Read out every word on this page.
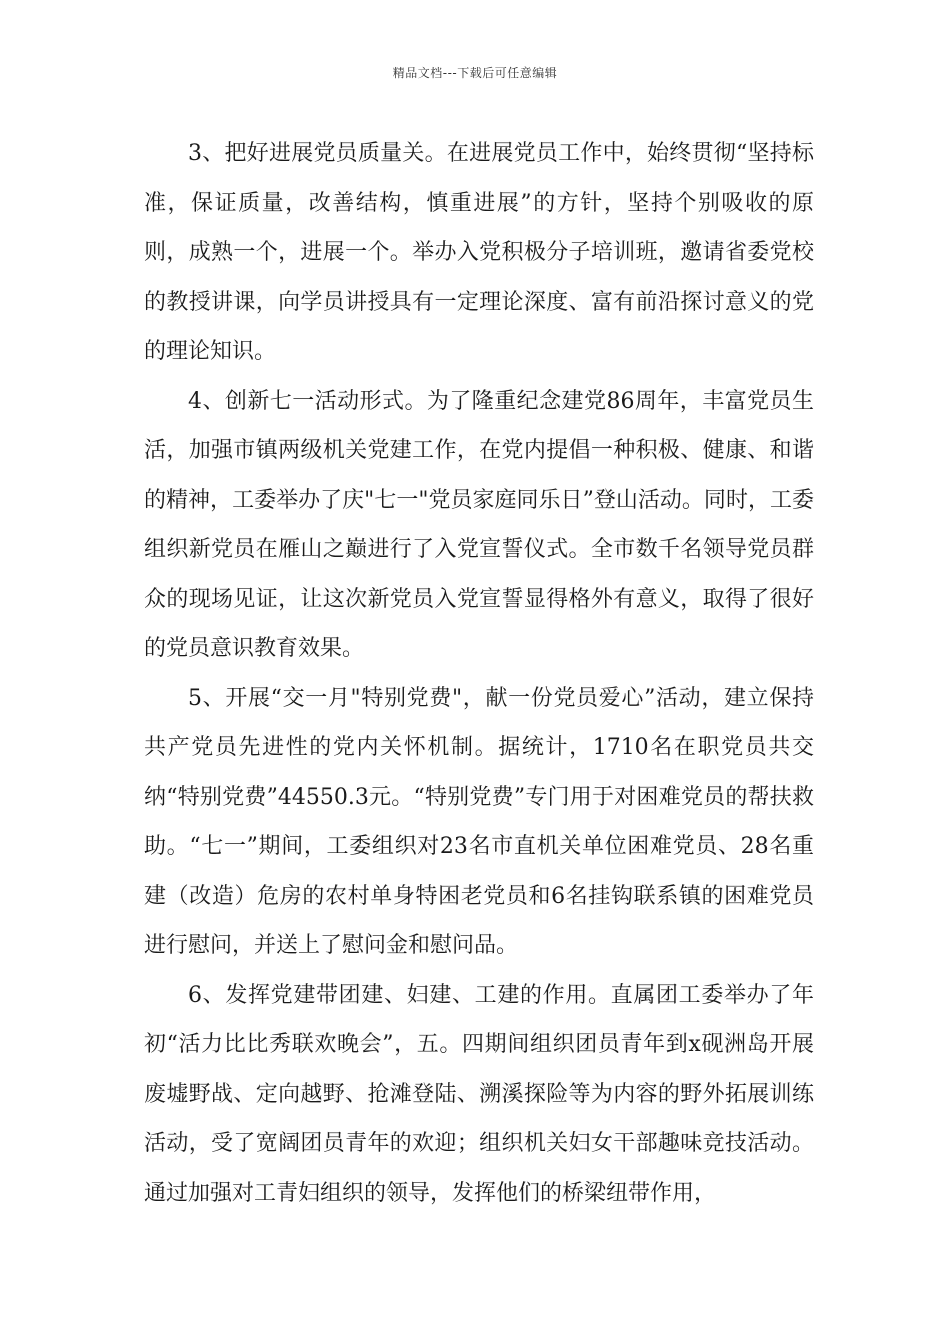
精品文档---下载后可任意编辑

3、把好进展党员质量关。在进展党员工作中，始终贯彻“坚持标准，保证质量，改善结构，慎重进展”的方针，坚持个别吸收的原则，成熟一个，进展一个。举办入党积极分子培训班，邀请省委党校的教授讲课，向学员讲授具有一定理论深度、富有前沿探讨意义的党的理论知识。

4、创新七一活动形式。为了隆重纪念建党86周年，丰富党员生活，加强市镇两级机关党建工作，在党内提倡一种积极、健康、和谐的精神，工委举办了庆"七一"党员家庭同乐日”登山活动。同时，工委组织新党员在雁山之巅进行了入党宣誓仪式。全市数千名领导党员群众的现场见证，让这次新党员入党宣誓显得格外有意义，取得了很好的党员意识教育效果。

5、开展“交一月"特别党费"，献一份党员爱心”活动，建立保持共产党员先进性的党内关怀机制。据统计，1710名在职党员共交纳“特别党费”44550.3元。“特别党费”专门用于对困难党员的帮扶救助。“七一”期间，工委组织对23名市直机关单位困难党员、28名重建（改造）危房的农村单身特困老党员和6名挂钩联系镇的困难党员进行慰问，并送上了慰问金和慰问品。

6、发挥党建带团建、妇建、工建的作用。直属团工委举办了年初“活力比比秀联欢晚会”，五。四期间组织团员青年到x砚洲岛开展废墟野战、定向越野、抢滩登陆、溯溪探险等为内容的野外拓展训练活动，受了宽阔团员青年的欢迎；组织机关妇女干部趣味竞技活动。通过加强对工青妇组织的领导，发挥他们的桥梁纽带作用，
